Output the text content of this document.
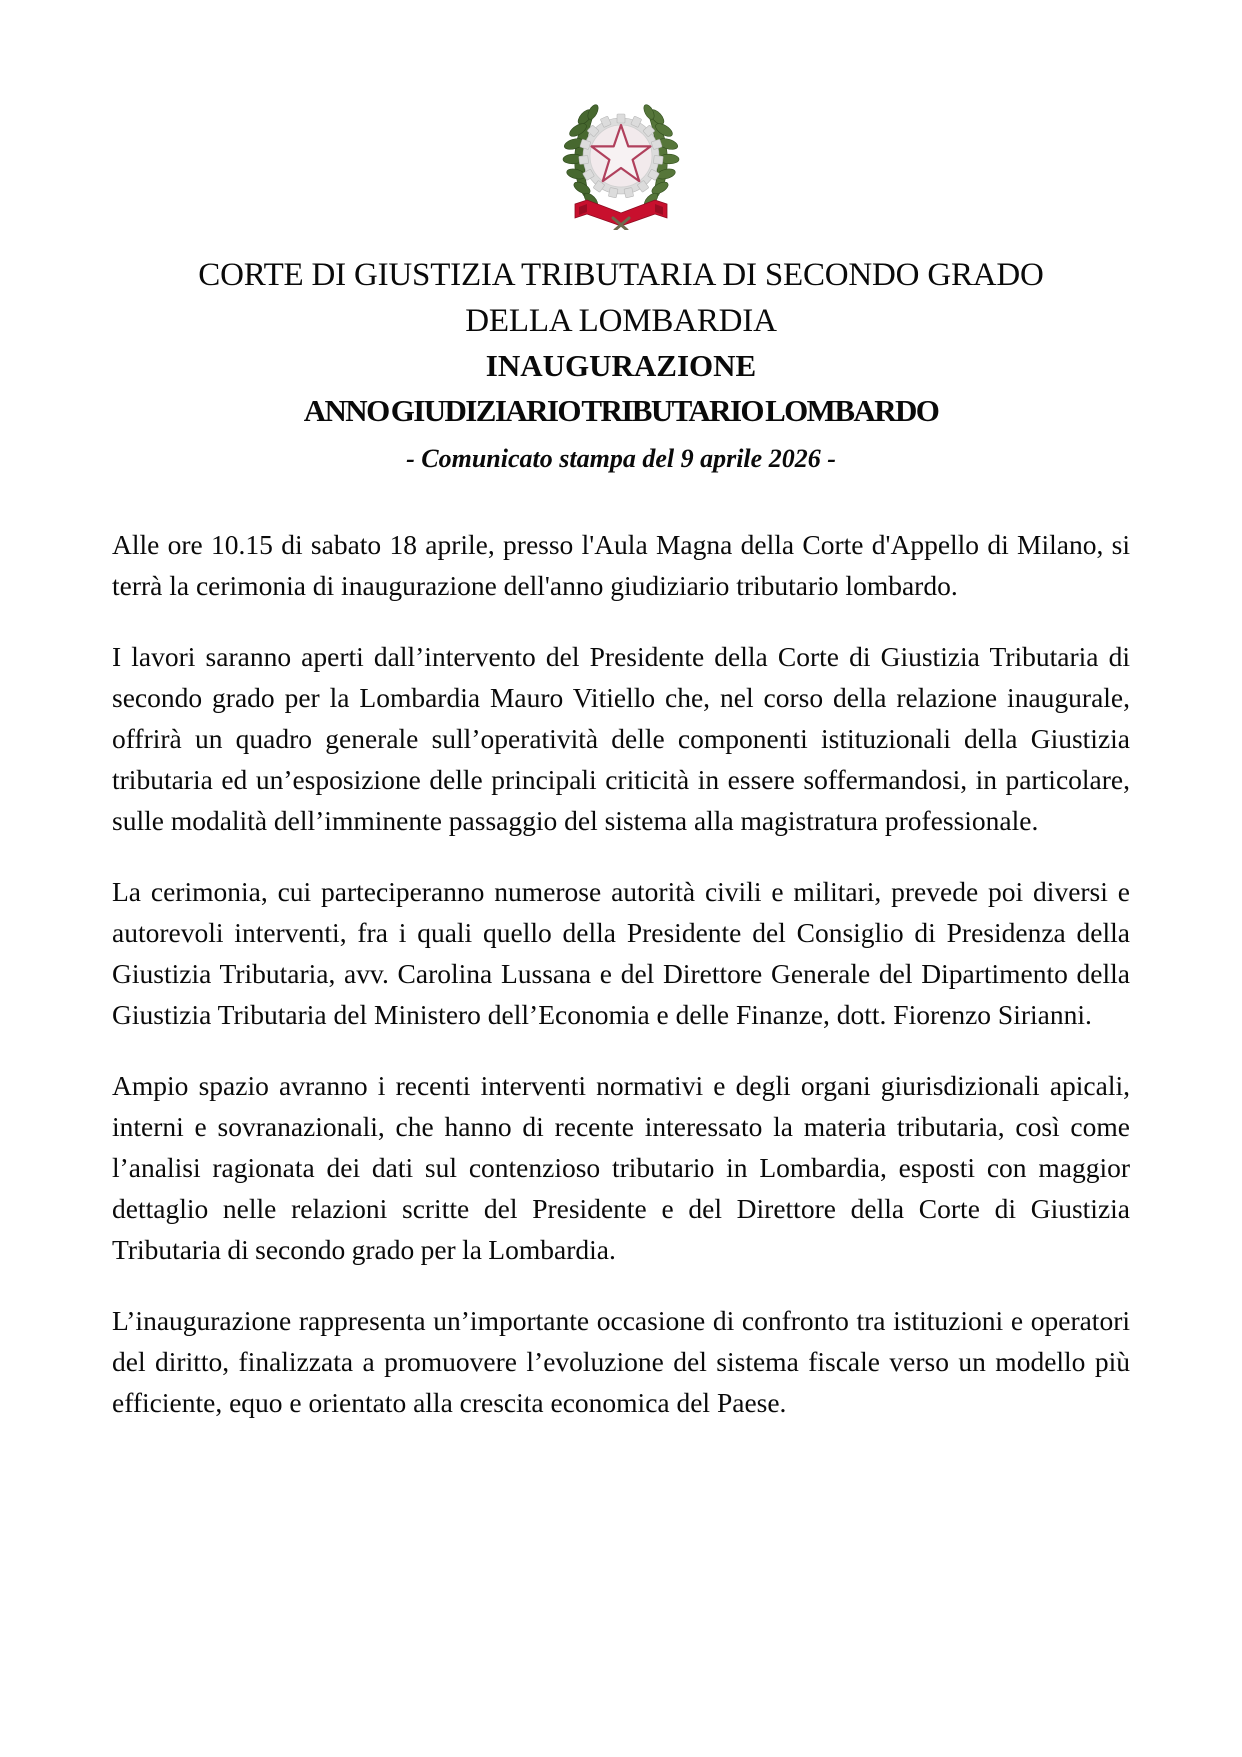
CORTE DI GIUSTIZIA TRIBUTARIA DI SECONDO GRADO
DELLA LOMBARDIA
INAUGURAZIONE
ANNO GIUDIZIARIO TRIBUTARIO LOMBARDO
- Comunicato stampa del 9 aprile 2026 -

Alle ore 10.15 di sabato 18 aprile, presso l'Aula Magna della Corte d'Appello di Milano, si terrà la cerimonia di inaugurazione dell'anno giudiziario tributario lombardo.

I lavori saranno aperti dall’intervento del Presidente della Corte di Giustizia Tributaria di secondo grado per la Lombardia Mauro Vitiello che, nel corso della relazione inaugurale, offrirà un quadro generale sull’operatività delle componenti istituzionali della Giustizia tributaria ed un’esposizione delle principali criticità in essere soffermandosi, in particolare, sulle modalità dell’imminente passaggio del sistema alla magistratura professionale.

La cerimonia, cui parteciperanno numerose autorità civili e militari, prevede poi diversi e autorevoli interventi, fra i quali quello della Presidente del Consiglio di Presidenza della Giustizia Tributaria, avv. Carolina Lussana e del Direttore Generale del Dipartimento della Giustizia Tributaria del Ministero dell’Economia e delle Finanze, dott. Fiorenzo Sirianni.

Ampio spazio avranno i recenti interventi normativi e degli organi giurisdizionali apicali, interni e sovranazionali, che hanno di recente interessato la materia tributaria, così come l’analisi ragionata dei dati sul contenzioso tributario in Lombardia, esposti con maggior dettaglio nelle relazioni scritte del Presidente e del Direttore della Corte di Giustizia Tributaria di secondo grado per la Lombardia.

L’inaugurazione rappresenta un’importante occasione di confronto tra istituzioni e operatori del diritto, finalizzata a promuovere l’evoluzione del sistema fiscale verso un modello più efficiente, equo e orientato alla crescita economica del Paese.
